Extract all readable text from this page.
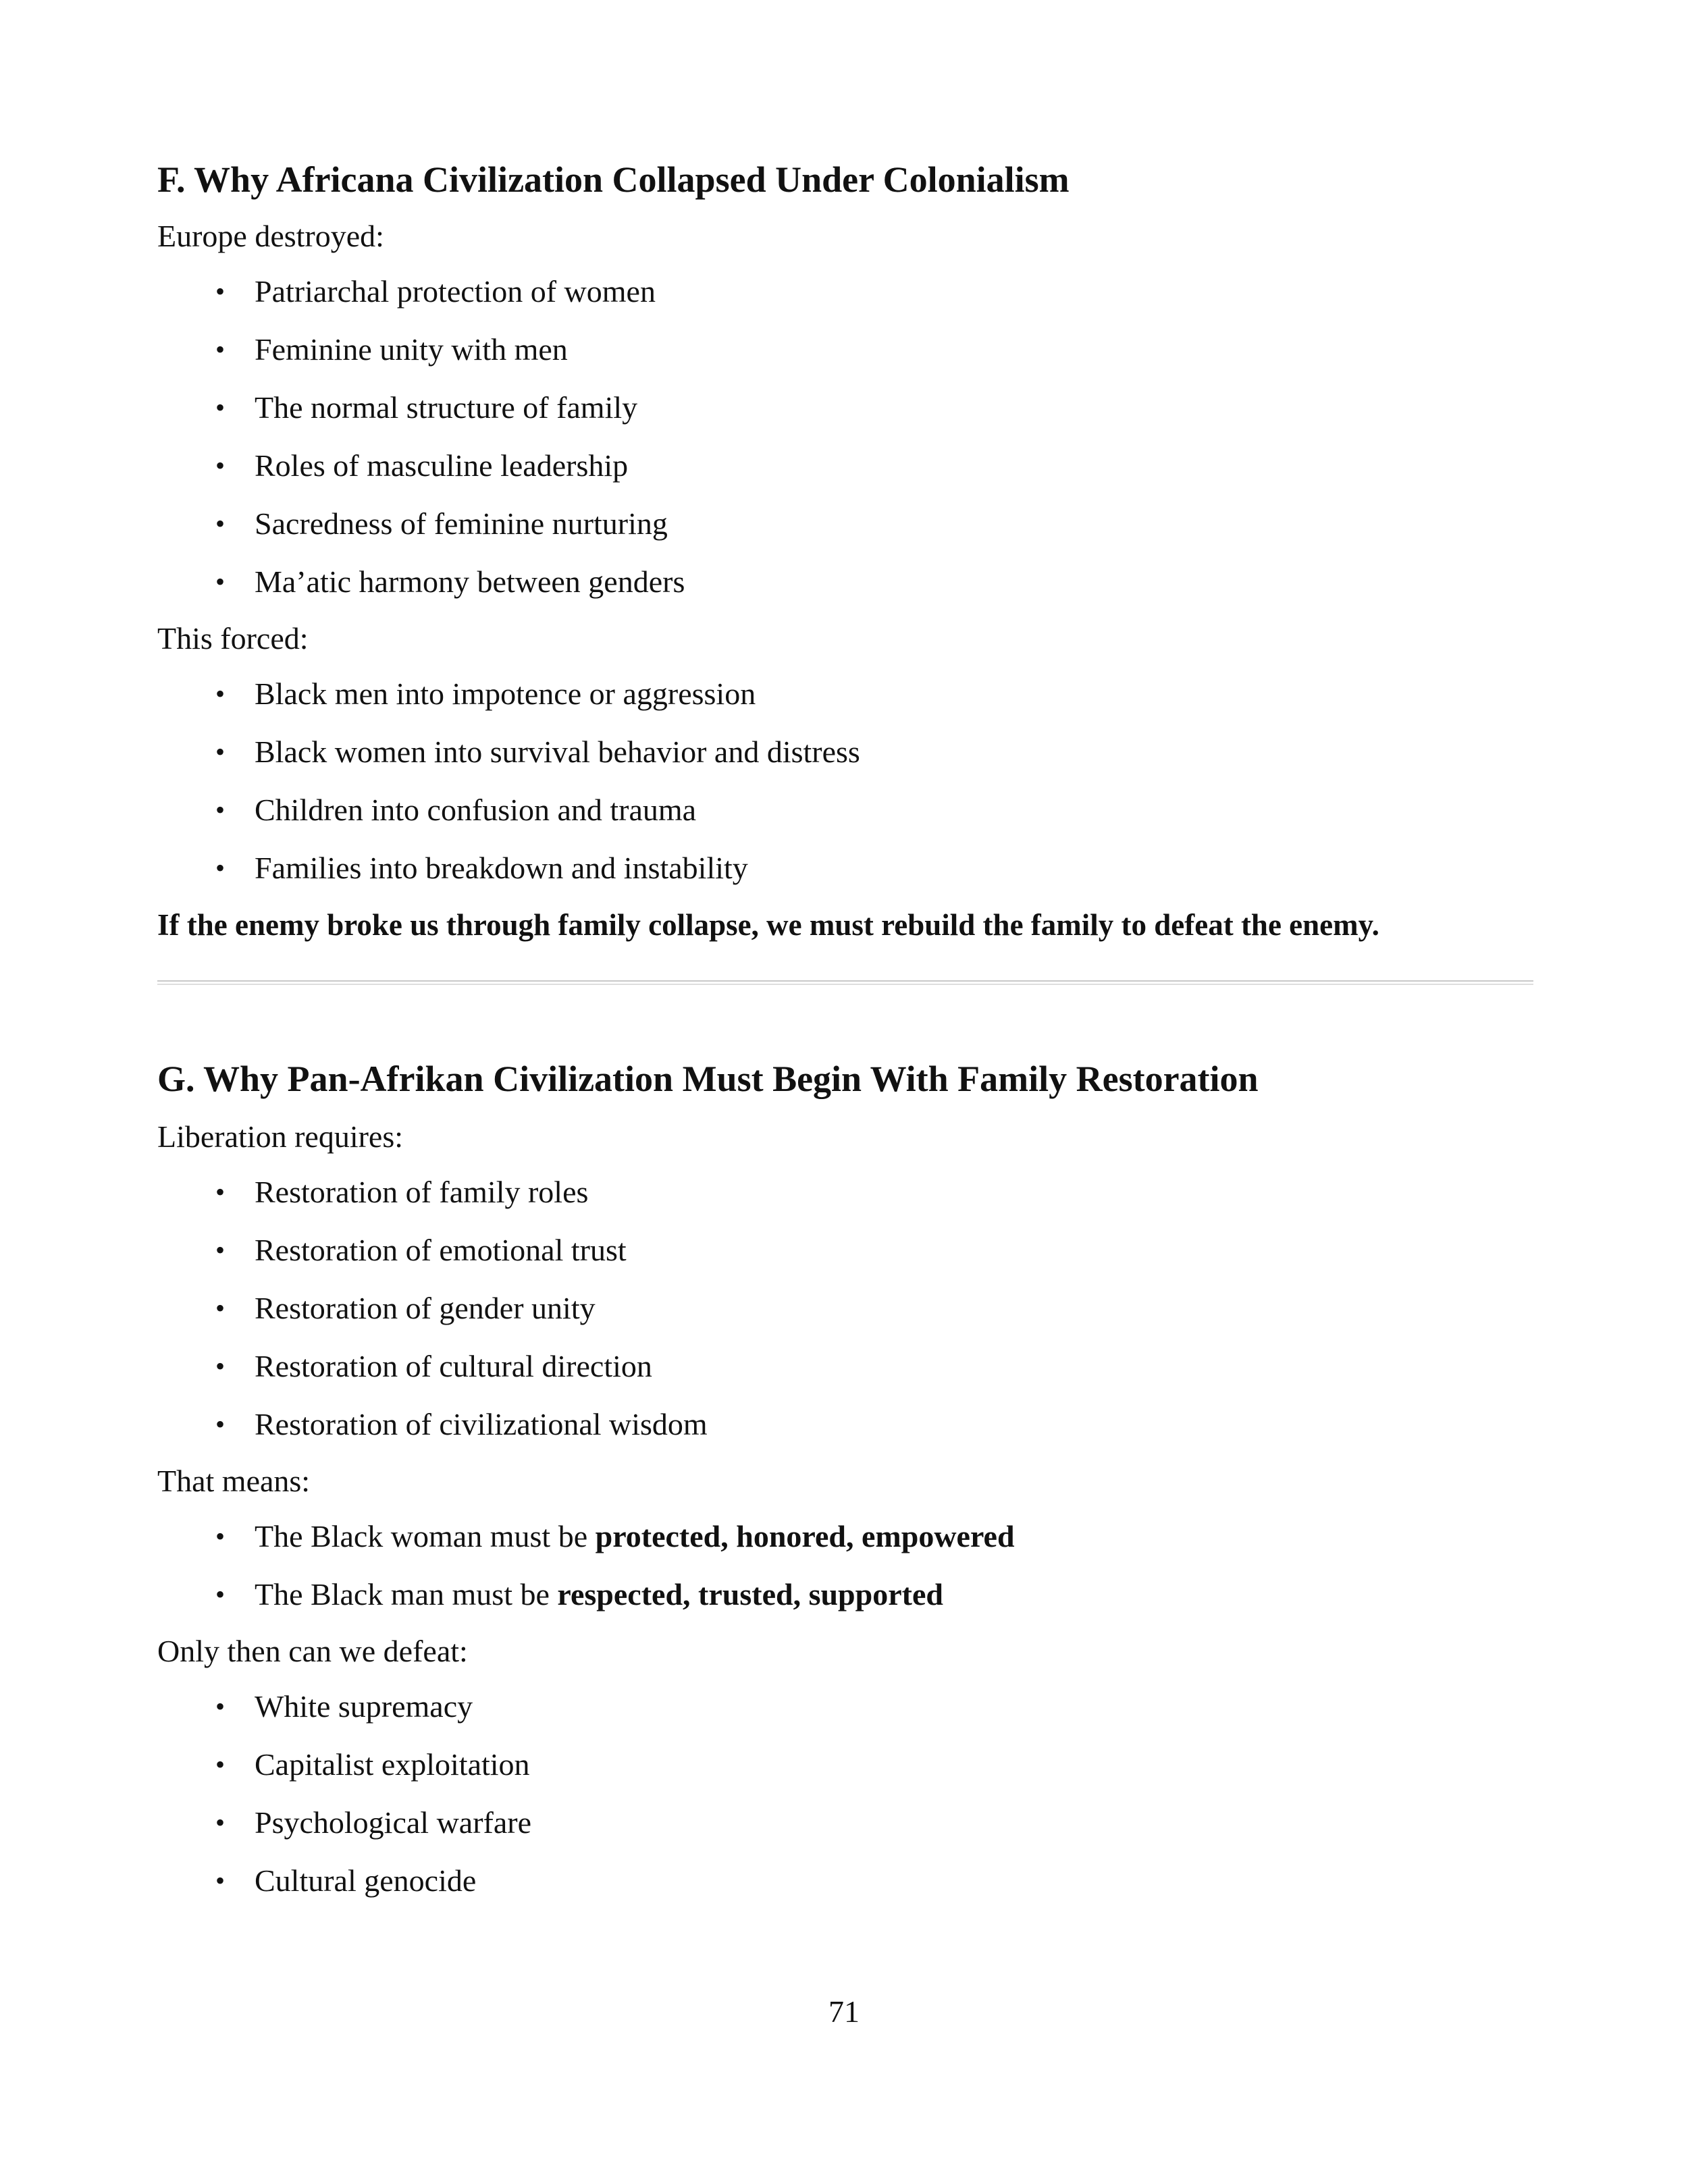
F. Why Africana Civilization Collapsed Under Colonialism

Europe destroyed:

• Patriarchal protection of women
• Feminine unity with men
• The normal structure of family
• Roles of masculine leadership
• Sacredness of feminine nurturing
• Ma’atic harmony between genders

This forced:

• Black men into impotence or aggression
• Black women into survival behavior and distress
• Children into confusion and trauma
• Families into breakdown and instability

If the enemy broke us through family collapse, we must rebuild the family to defeat the enemy.

G. Why Pan-Afrikan Civilization Must Begin With Family Restoration

Liberation requires:

• Restoration of family roles
• Restoration of emotional trust
• Restoration of gender unity
• Restoration of cultural direction
• Restoration of civilizational wisdom

That means:

• The Black woman must be protected, honored, empowered
• The Black man must be respected, trusted, supported

Only then can we defeat:

• White supremacy
• Capitalist exploitation
• Psychological warfare
• Cultural genocide
71
